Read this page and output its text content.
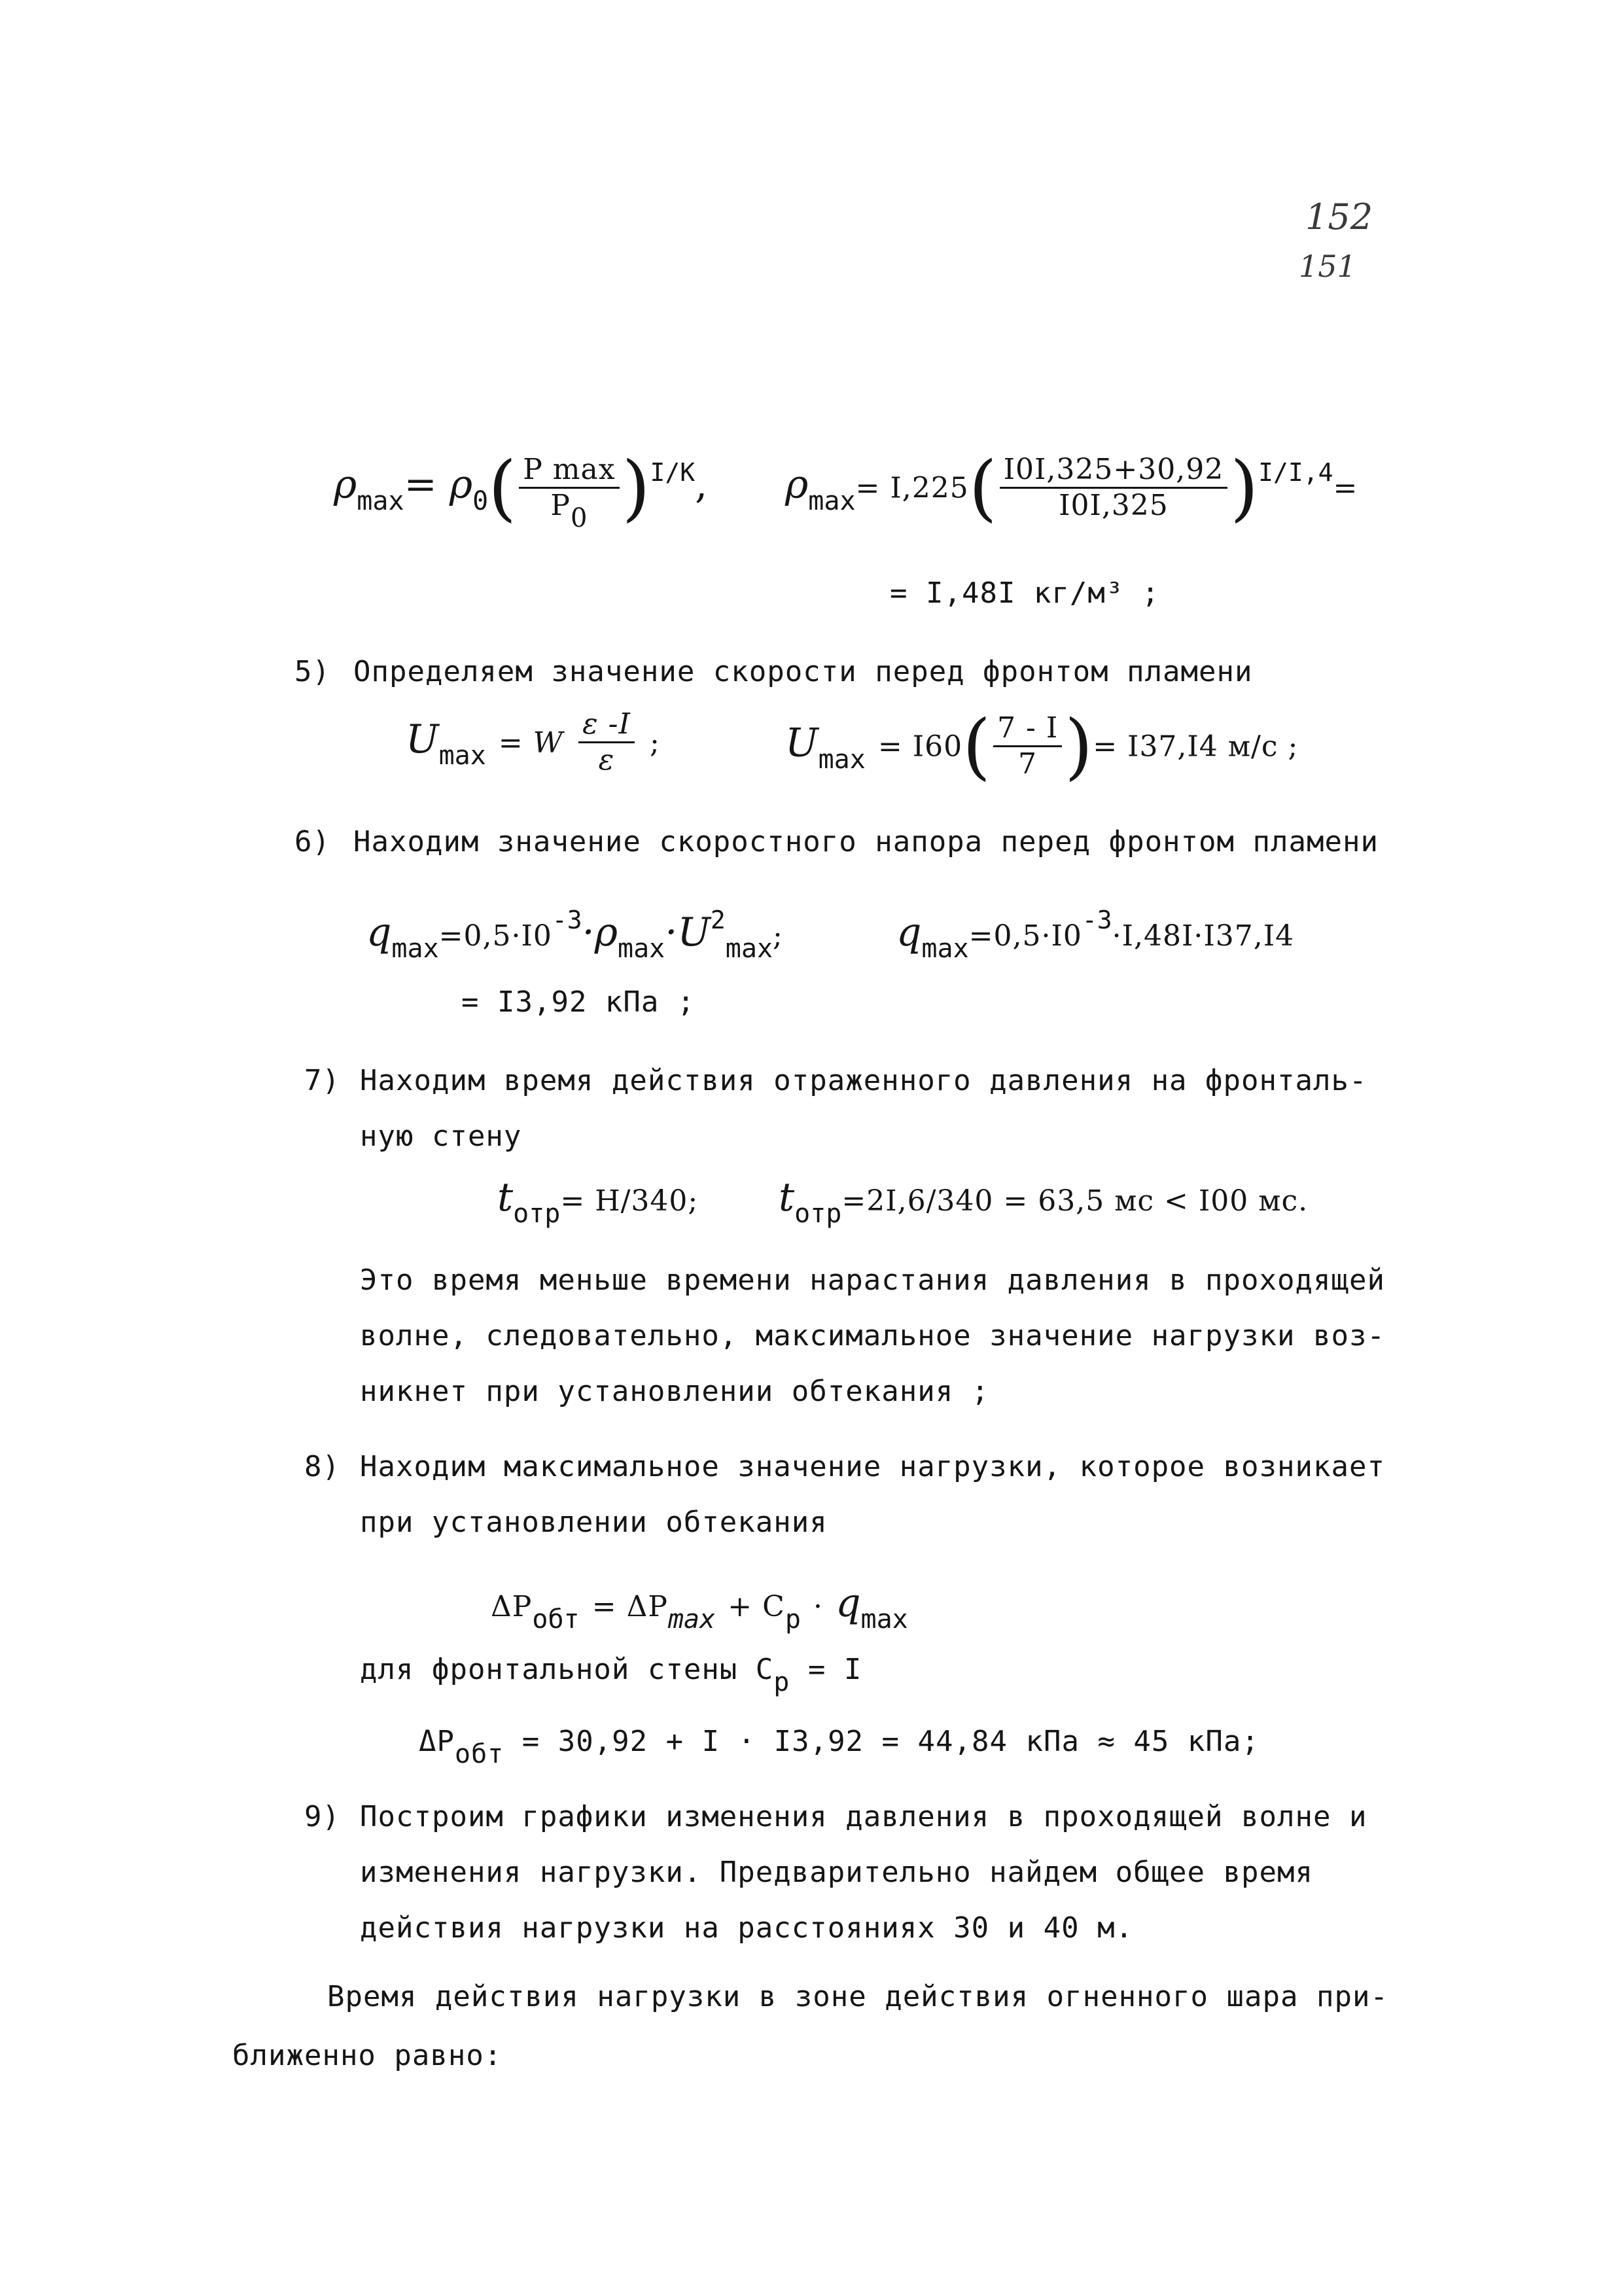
152
151
$\rho_{max}= \rho_0( \frac{\text{P max}}{P0} )^{I/K}$, $\rho_{max}= I,225( \frac{I0I,325+30,92}{I0I,325} )^{I/I,4}=$
= I,48I кг/м³ ;
5) Определяем значение скорости перед фронтом пламени
$U_{max} = W \frac{\varepsilon -I}{\varepsilon}$ ;	$U_{max} = I60( \frac{7 - I}{7}$ )= I37,I4 м/с ;
6) Находим значение скоростного напора перед фронтом пламени
$q_{max}=0,5\cdot I0^{-3}\cdot\rho_{max}\cdot U^2_{max}$;	$q_{max}=0,5\cdot I0^{-3}\cdot I,48I\cdot I37,I4$
= I3,92 кПа ;
7) Находим время действия отраженного давления на фронталь-
ную стену
$t_{отр}= H/340$; $t_{отр}=2I,6/340 = 63,5$ мс < I00 мс.
Это время меньше времени нарастания давления в проходящей
волне, следовательно, максимальное значение нагрузки воз-
никнет при установлении обтекания ;
8) Находим максимальное значение нагрузки, которое возникает
при установлении обтекания
$\Delta P_{обт} = \Delta P_{max} + C_p \cdot q_{max}$
для фронтальной стены Cp = I
ΔPобт = 30,92 + I · I3,92 = 44,84 кПа ≈ 45 кПа;
9) Построим графики изменения давления в проходящей волне и
изменения нагрузки. Предварительно найдем общее время
действия нагрузки на расстояниях 30 и 40 м.
Время действия нагрузки в зоне действия огненного шара при-
ближенно равно:
